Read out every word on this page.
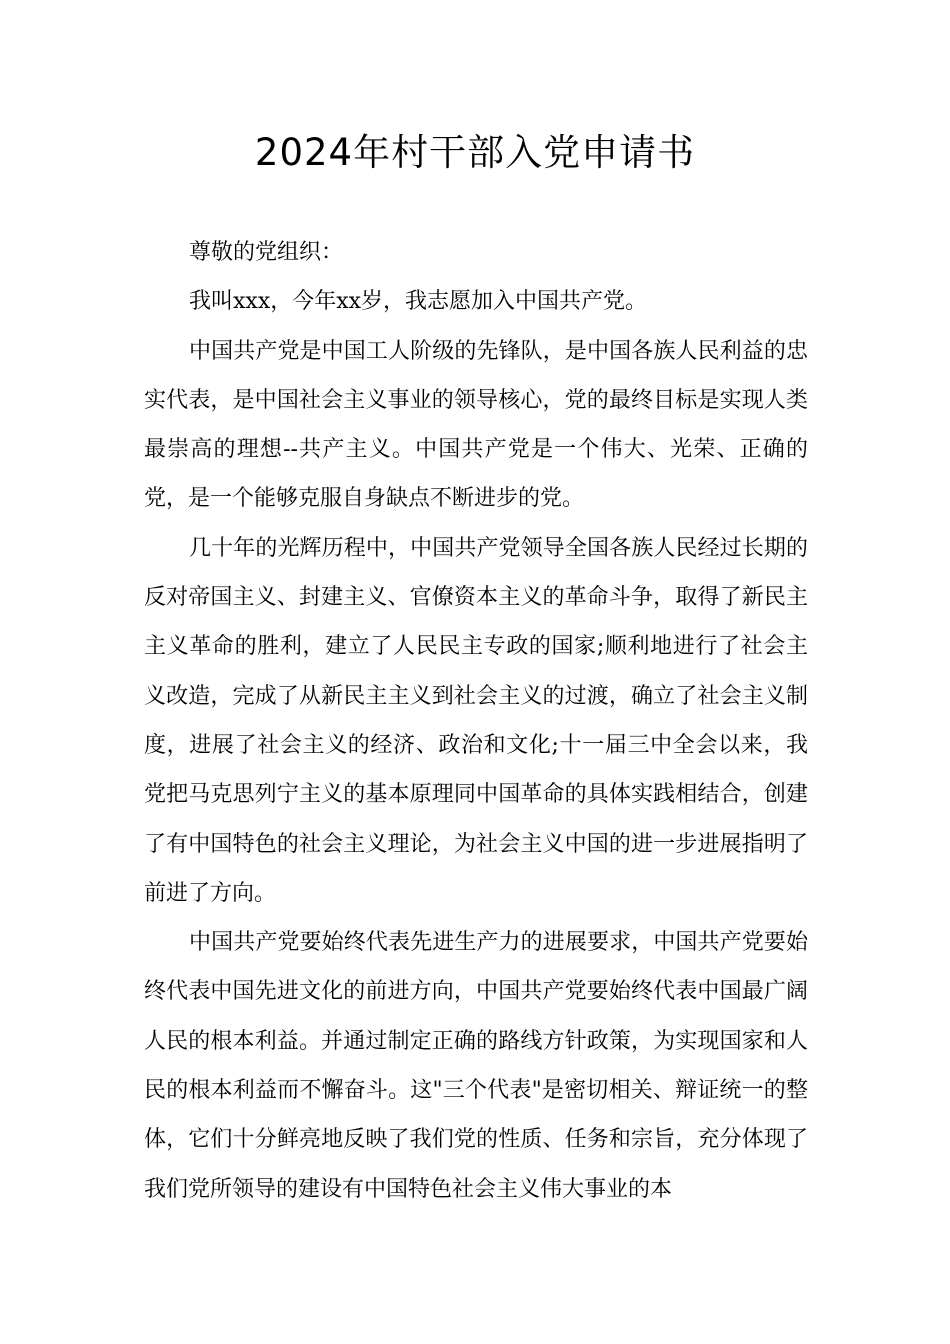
2024年村干部入党申请书

尊敬的党组织：

我叫xxx，今年xx岁，我志愿加入中国共产党。

中国共产党是中国工人阶级的先锋队，是中国各族人民利益的忠实代表，是中国社会主义事业的领导核心，党的最终目标是实现人类最崇高的理想--共产主义。中国共产党是一个伟大、光荣、正确的党，是一个能够克服自身缺点不断进步的党。

几十年的光辉历程中，中国共产党领导全国各族人民经过长期的反对帝国主义、封建主义、官僚资本主义的革命斗争，取得了新民主主义革命的胜利，建立了人民民主专政的国家;顺利地进行了社会主义改造，完成了从新民主主义到社会主义的过渡，确立了社会主义制度，进展了社会主义的经济、政治和文化;十一届三中全会以来，我党把马克思列宁主义的基本原理同中国革命的具体实践相结合，创建了有中国特色的社会主义理论，为社会主义中国的进一步进展指明了前进了方向。

中国共产党要始终代表先进生产力的进展要求，中国共产党要始终代表中国先进文化的前进方向，中国共产党要始终代表中国最广阔人民的根本利益。并通过制定正确的路线方针政策，为实现国家和人民的根本利益而不懈奋斗。这"三个代表"是密切相关、辩证统一的整体，它们十分鲜亮地反映了我们党的性质、任务和宗旨，充分体现了我们党所领导的建设有中国特色社会主义伟大事业的本
